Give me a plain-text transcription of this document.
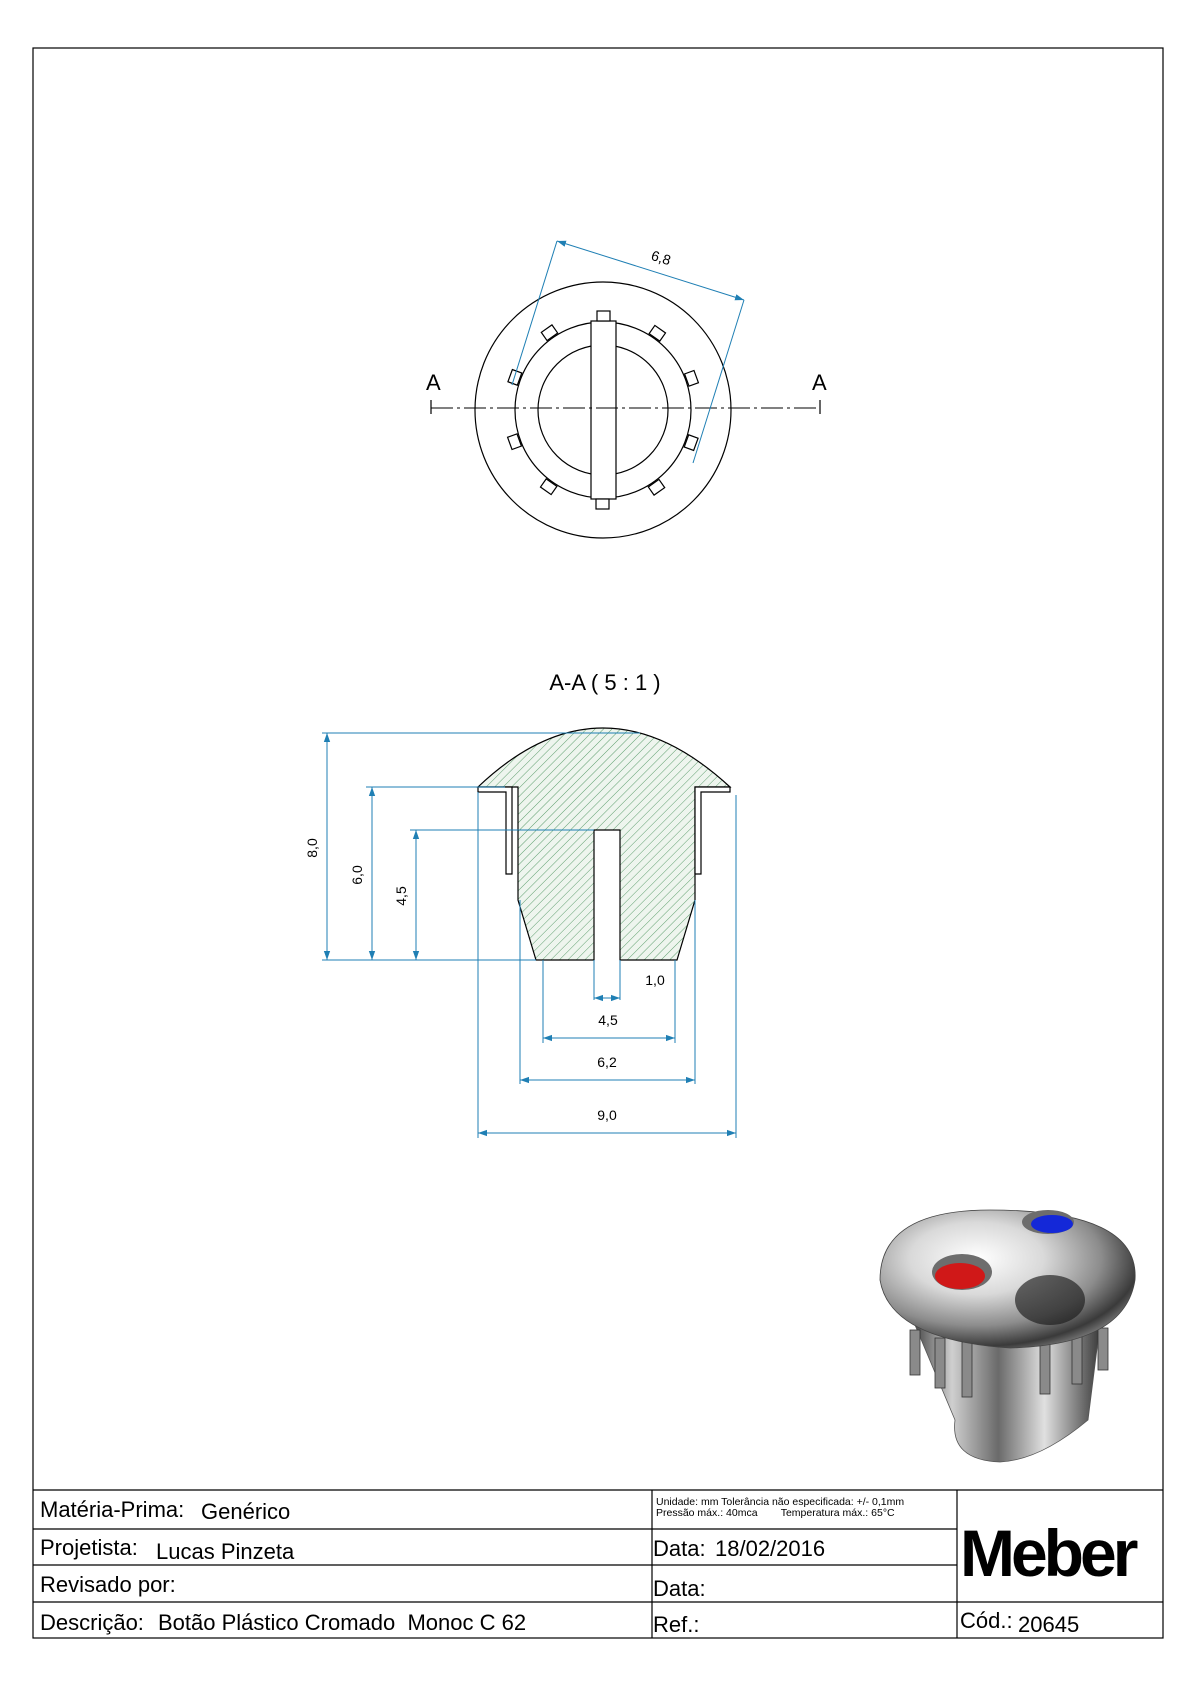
A	A
6,8
A-A ( 5 : 1 )
8,0
6,0
4,5
1,0
4,5
6,2
9,0
Matéria-Prima: Genérico	Unidade: mm Tolerância não especificada: +/- 0,1mm
Pressão máx.: 40mca        Temperatura máx.: 65°C
Projetista: Lucas Pinzeta	Data: 18/02/2016
Revisado por:	Data:
Descrição: Botão Plástico Cromado  Monoc C 62	Ref.:	Cód.: 20645
Meber
